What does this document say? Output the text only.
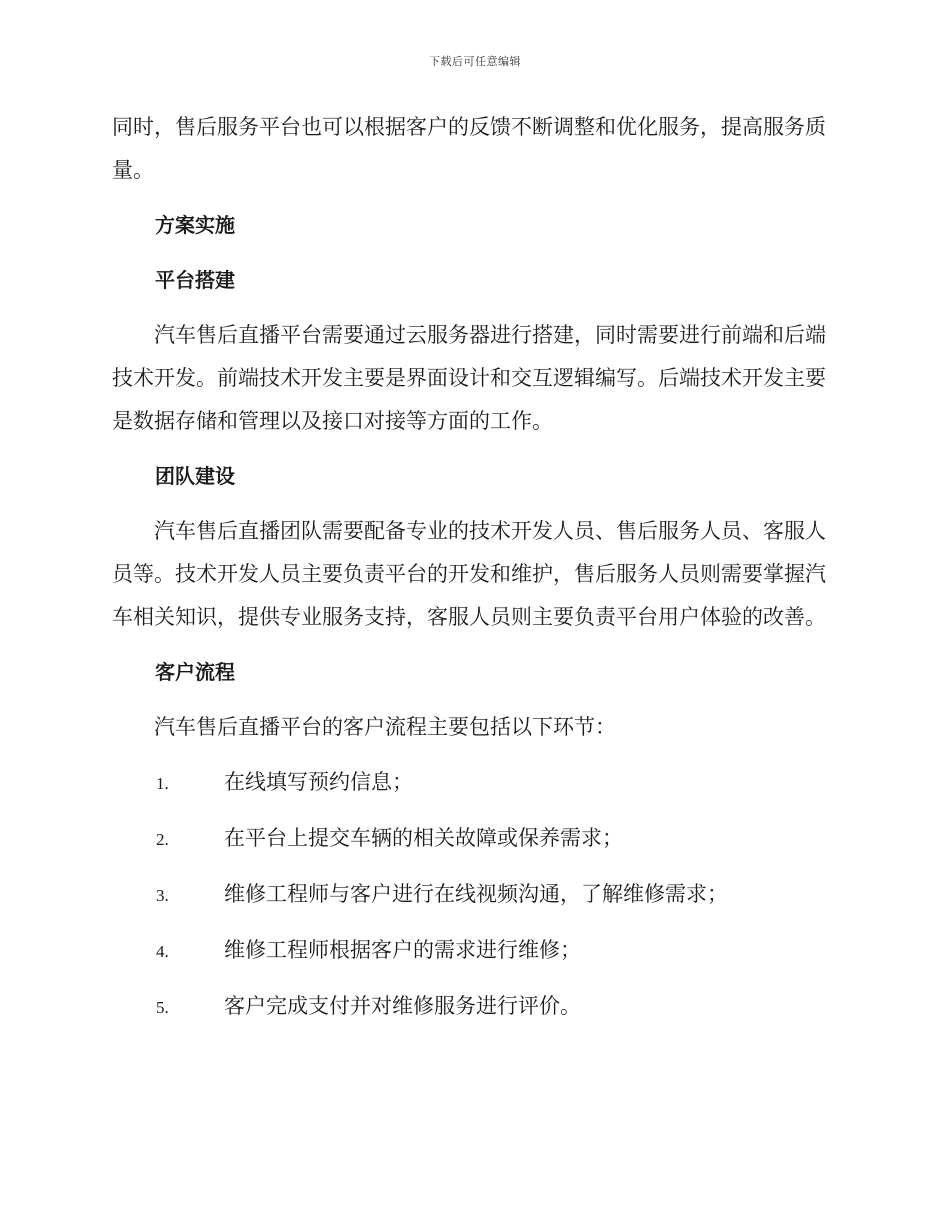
下载后可任意编辑

同时，售后服务平台也可以根据客户的反馈不断调整和优化服务，提高服务质量。

方案实施

平台搭建

汽车售后直播平台需要通过云服务器进行搭建，同时需要进行前端和后端技术开发。前端技术开发主要是界面设计和交互逻辑编写。后端技术开发主要是数据存储和管理以及接口对接等方面的工作。

团队建设

汽车售后直播团队需要配备专业的技术开发人员、售后服务人员、客服人员等。技术开发人员主要负责平台的开发和维护，售后服务人员则需要掌握汽车相关知识，提供专业服务支持，客服人员则主要负责平台用户体验的改善。

客户流程

汽车售后直播平台的客户流程主要包括以下环节：

1.	在线填写预约信息；
2.	在平台上提交车辆的相关故障或保养需求；
3.	维修工程师与客户进行在线视频沟通，了解维修需求；
4.	维修工程师根据客户的需求进行维修；
5.	客户完成支付并对维修服务进行评价。
